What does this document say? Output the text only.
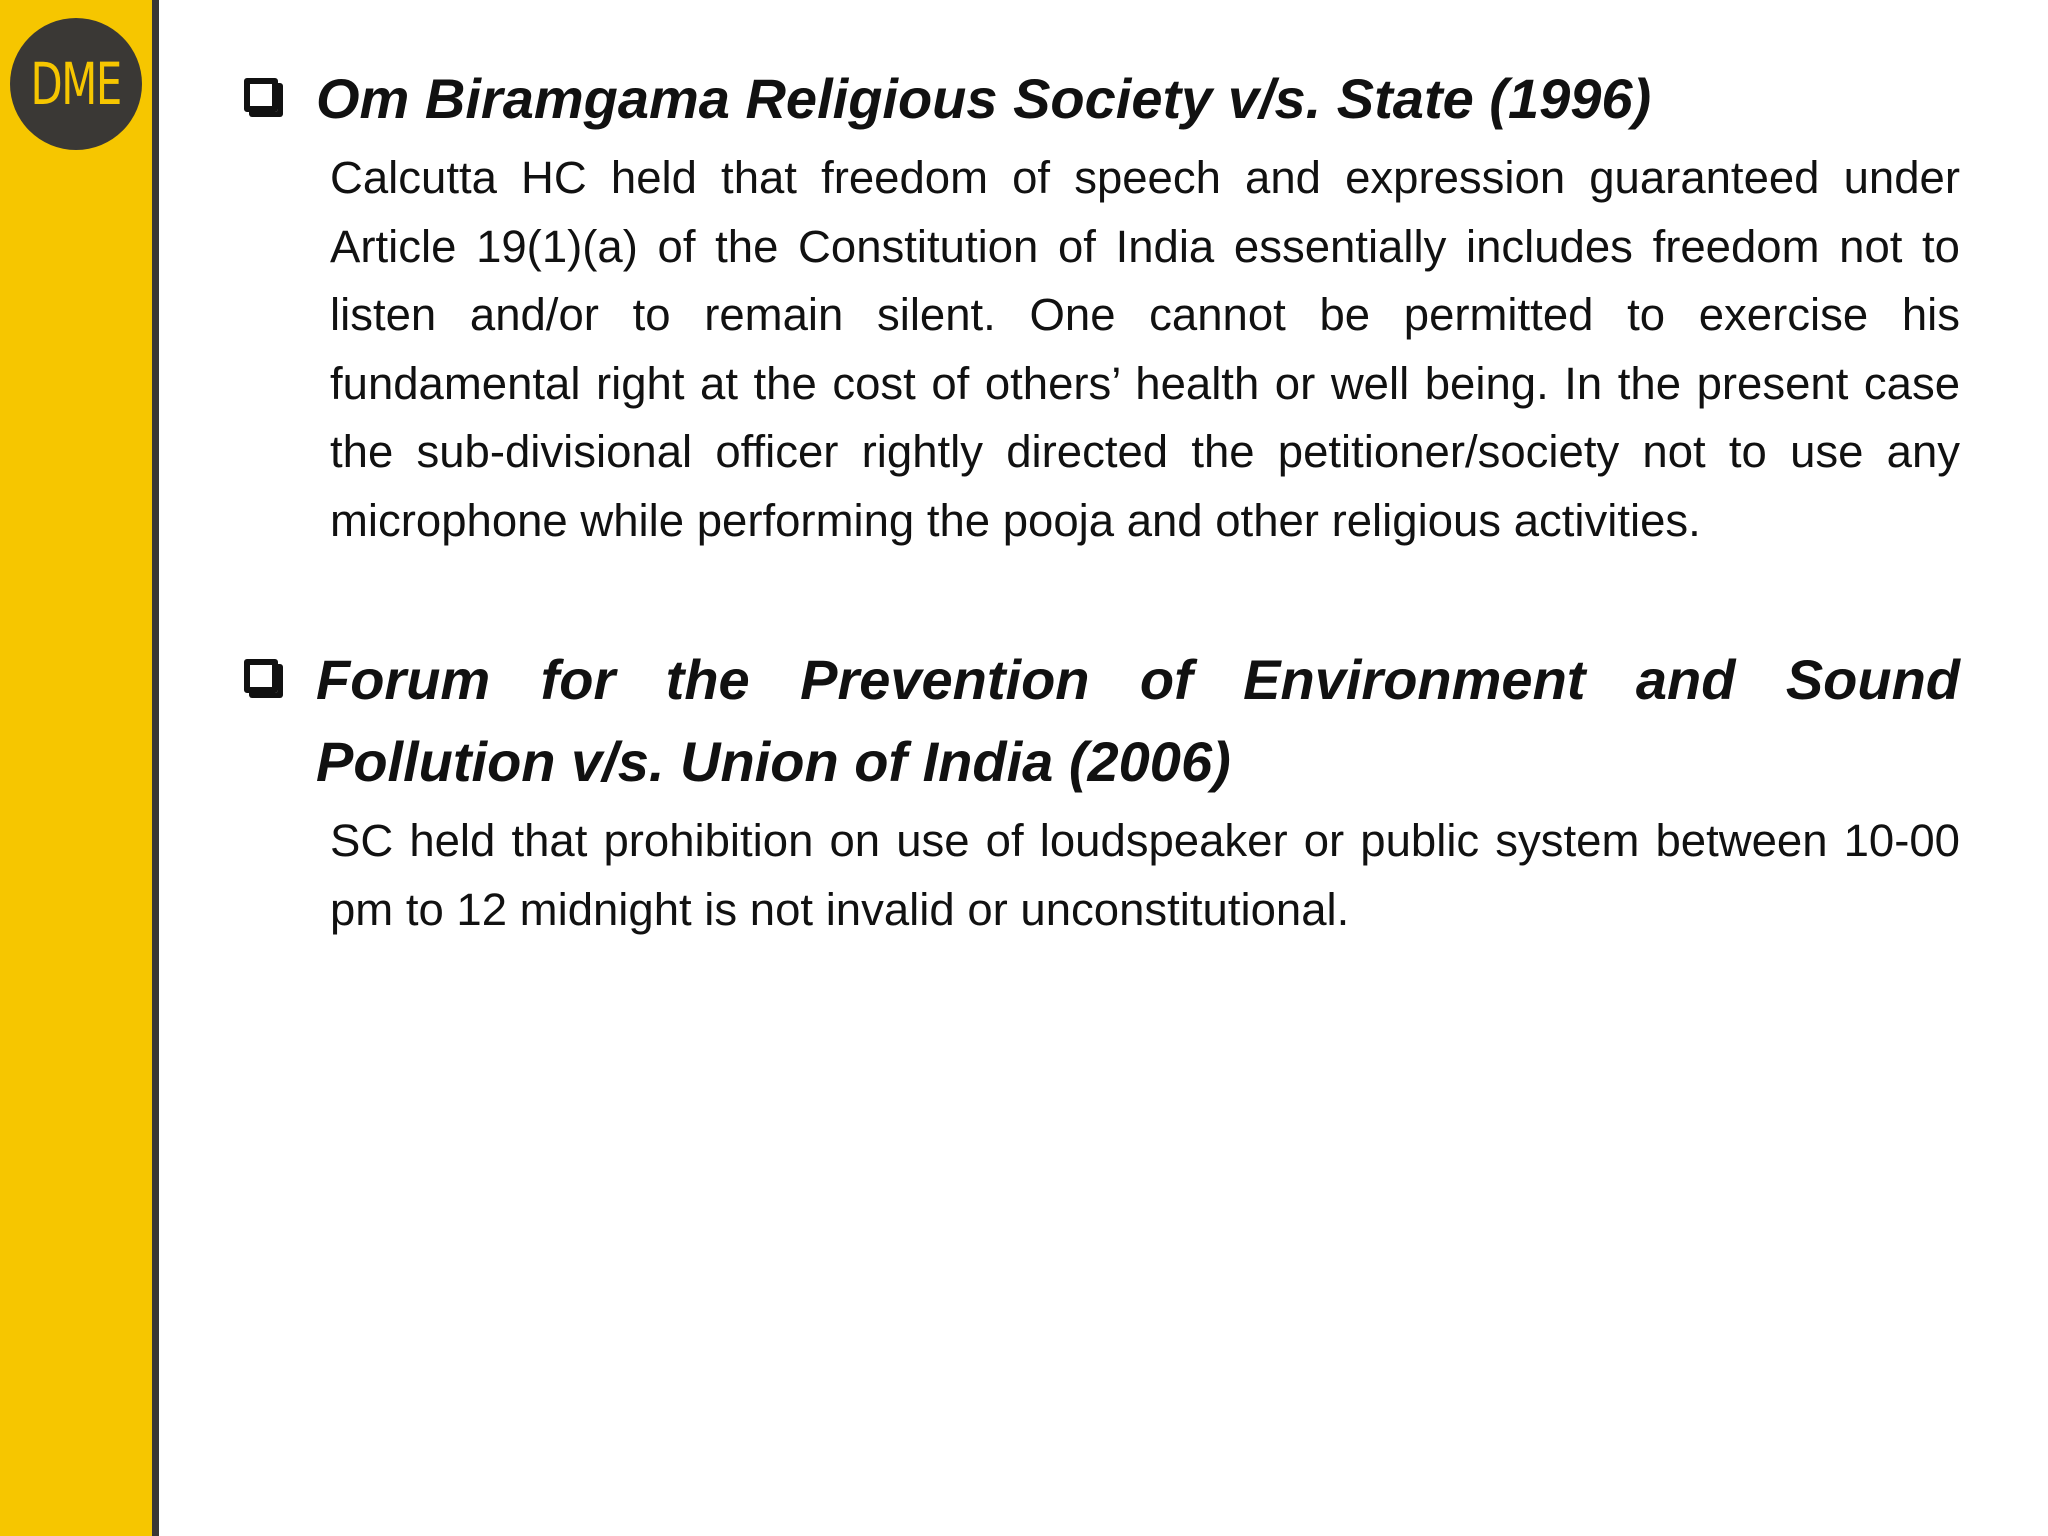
DME	Om Biramgama Religious Society v/s. State (1996)
Calcutta HC held that freedom of speech and expression guaranteed under Article 19(1)(a) of the Constitution of India essentially includes freedom not to listen and/or to remain silent. One cannot be permitted to exercise his fundamental right at the cost of others’ health or well being. In the present case the sub-divisional officer rightly directed the petitioner/society not to use any microphone while performing the pooja and other religious activities.
Forum for the Prevention of Environment and Sound Pollution v/s. Union of India (2006)
SC held that prohibition on use of loudspeaker or public system between 10-00 pm to 12 midnight is not invalid or unconstitutional.
